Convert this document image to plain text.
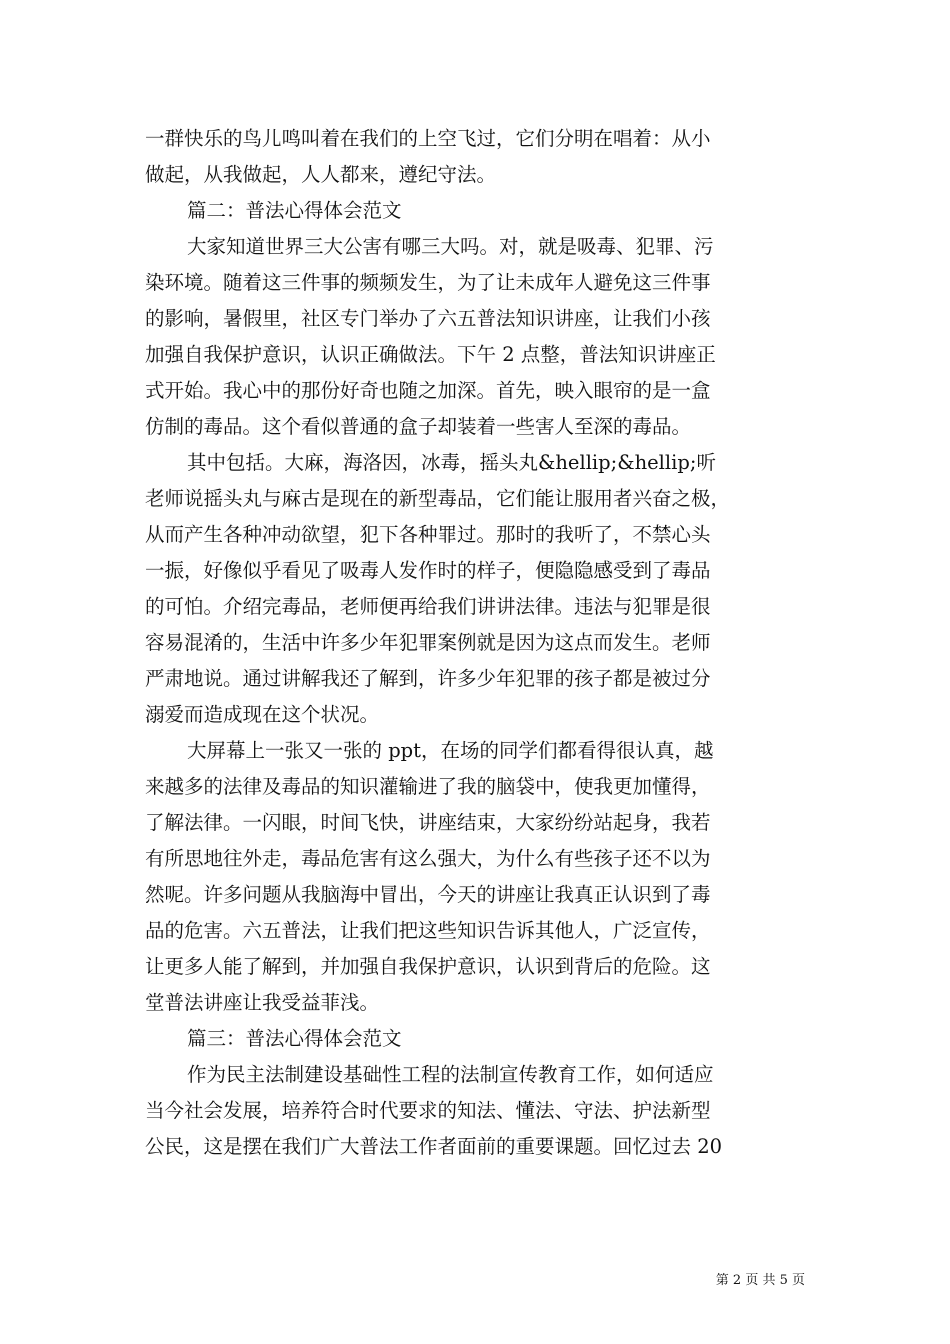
一群快乐的鸟儿鸣叫着在我们的上空飞过，它们分明在唱着：从小
做起，从我做起，人人都来，遵纪守法。
篇二：普法心得体会范文
大家知道世界三大公害有哪三大吗。对，就是吸毒、犯罪、污
染环境。随着这三件事的频频发生，为了让未成年人避免这三件事
的影响，暑假里，社区专门举办了六五普法知识讲座，让我们小孩
加强自我保护意识，认识正确做法。下午 2 点整，普法知识讲座正
式开始。我心中的那份好奇也随之加深。首先，映入眼帘的是一盒
仿制的毒品。这个看似普通的盒子却装着一些害人至深的毒品。
其中包括。大麻，海洛因，冰毒，摇头丸&hellip;&hellip;听
老师说摇头丸与麻古是现在的新型毒品，它们能让服用者兴奋之极，
从而产生各种冲动欲望，犯下各种罪过。那时的我听了，不禁心头
一振，好像似乎看见了吸毒人发作时的样子，便隐隐感受到了毒品
的可怕。介绍完毒品，老师便再给我们讲讲法律。违法与犯罪是很
容易混淆的，生活中许多少年犯罪案例就是因为这点而发生。老师
严肃地说。通过讲解我还了解到，许多少年犯罪的孩子都是被过分
溺爱而造成现在这个状况。
大屏幕上一张又一张的 ppt，在场的同学们都看得很认真，越
来越多的法律及毒品的知识灌输进了我的脑袋中，使我更加懂得，
了解法律。一闪眼，时间飞快，讲座结束，大家纷纷站起身，我若
有所思地往外走，毒品危害有这么强大，为什么有些孩子还不以为
然呢。许多问题从我脑海中冒出，今天的讲座让我真正认识到了毒
品的危害。六五普法，让我们把这些知识告诉其他人，广泛宣传，
让更多人能了解到，并加强自我保护意识，认识到背后的危险。这
堂普法讲座让我受益菲浅。
篇三：普法心得体会范文
作为民主法制建设基础性工程的法制宣传教育工作，如何适应
当今社会发展，培养符合时代要求的知法、懂法、守法、护法新型
公民，这是摆在我们广大普法工作者面前的重要课题。回忆过去 20
第 2 页 共 5 页
